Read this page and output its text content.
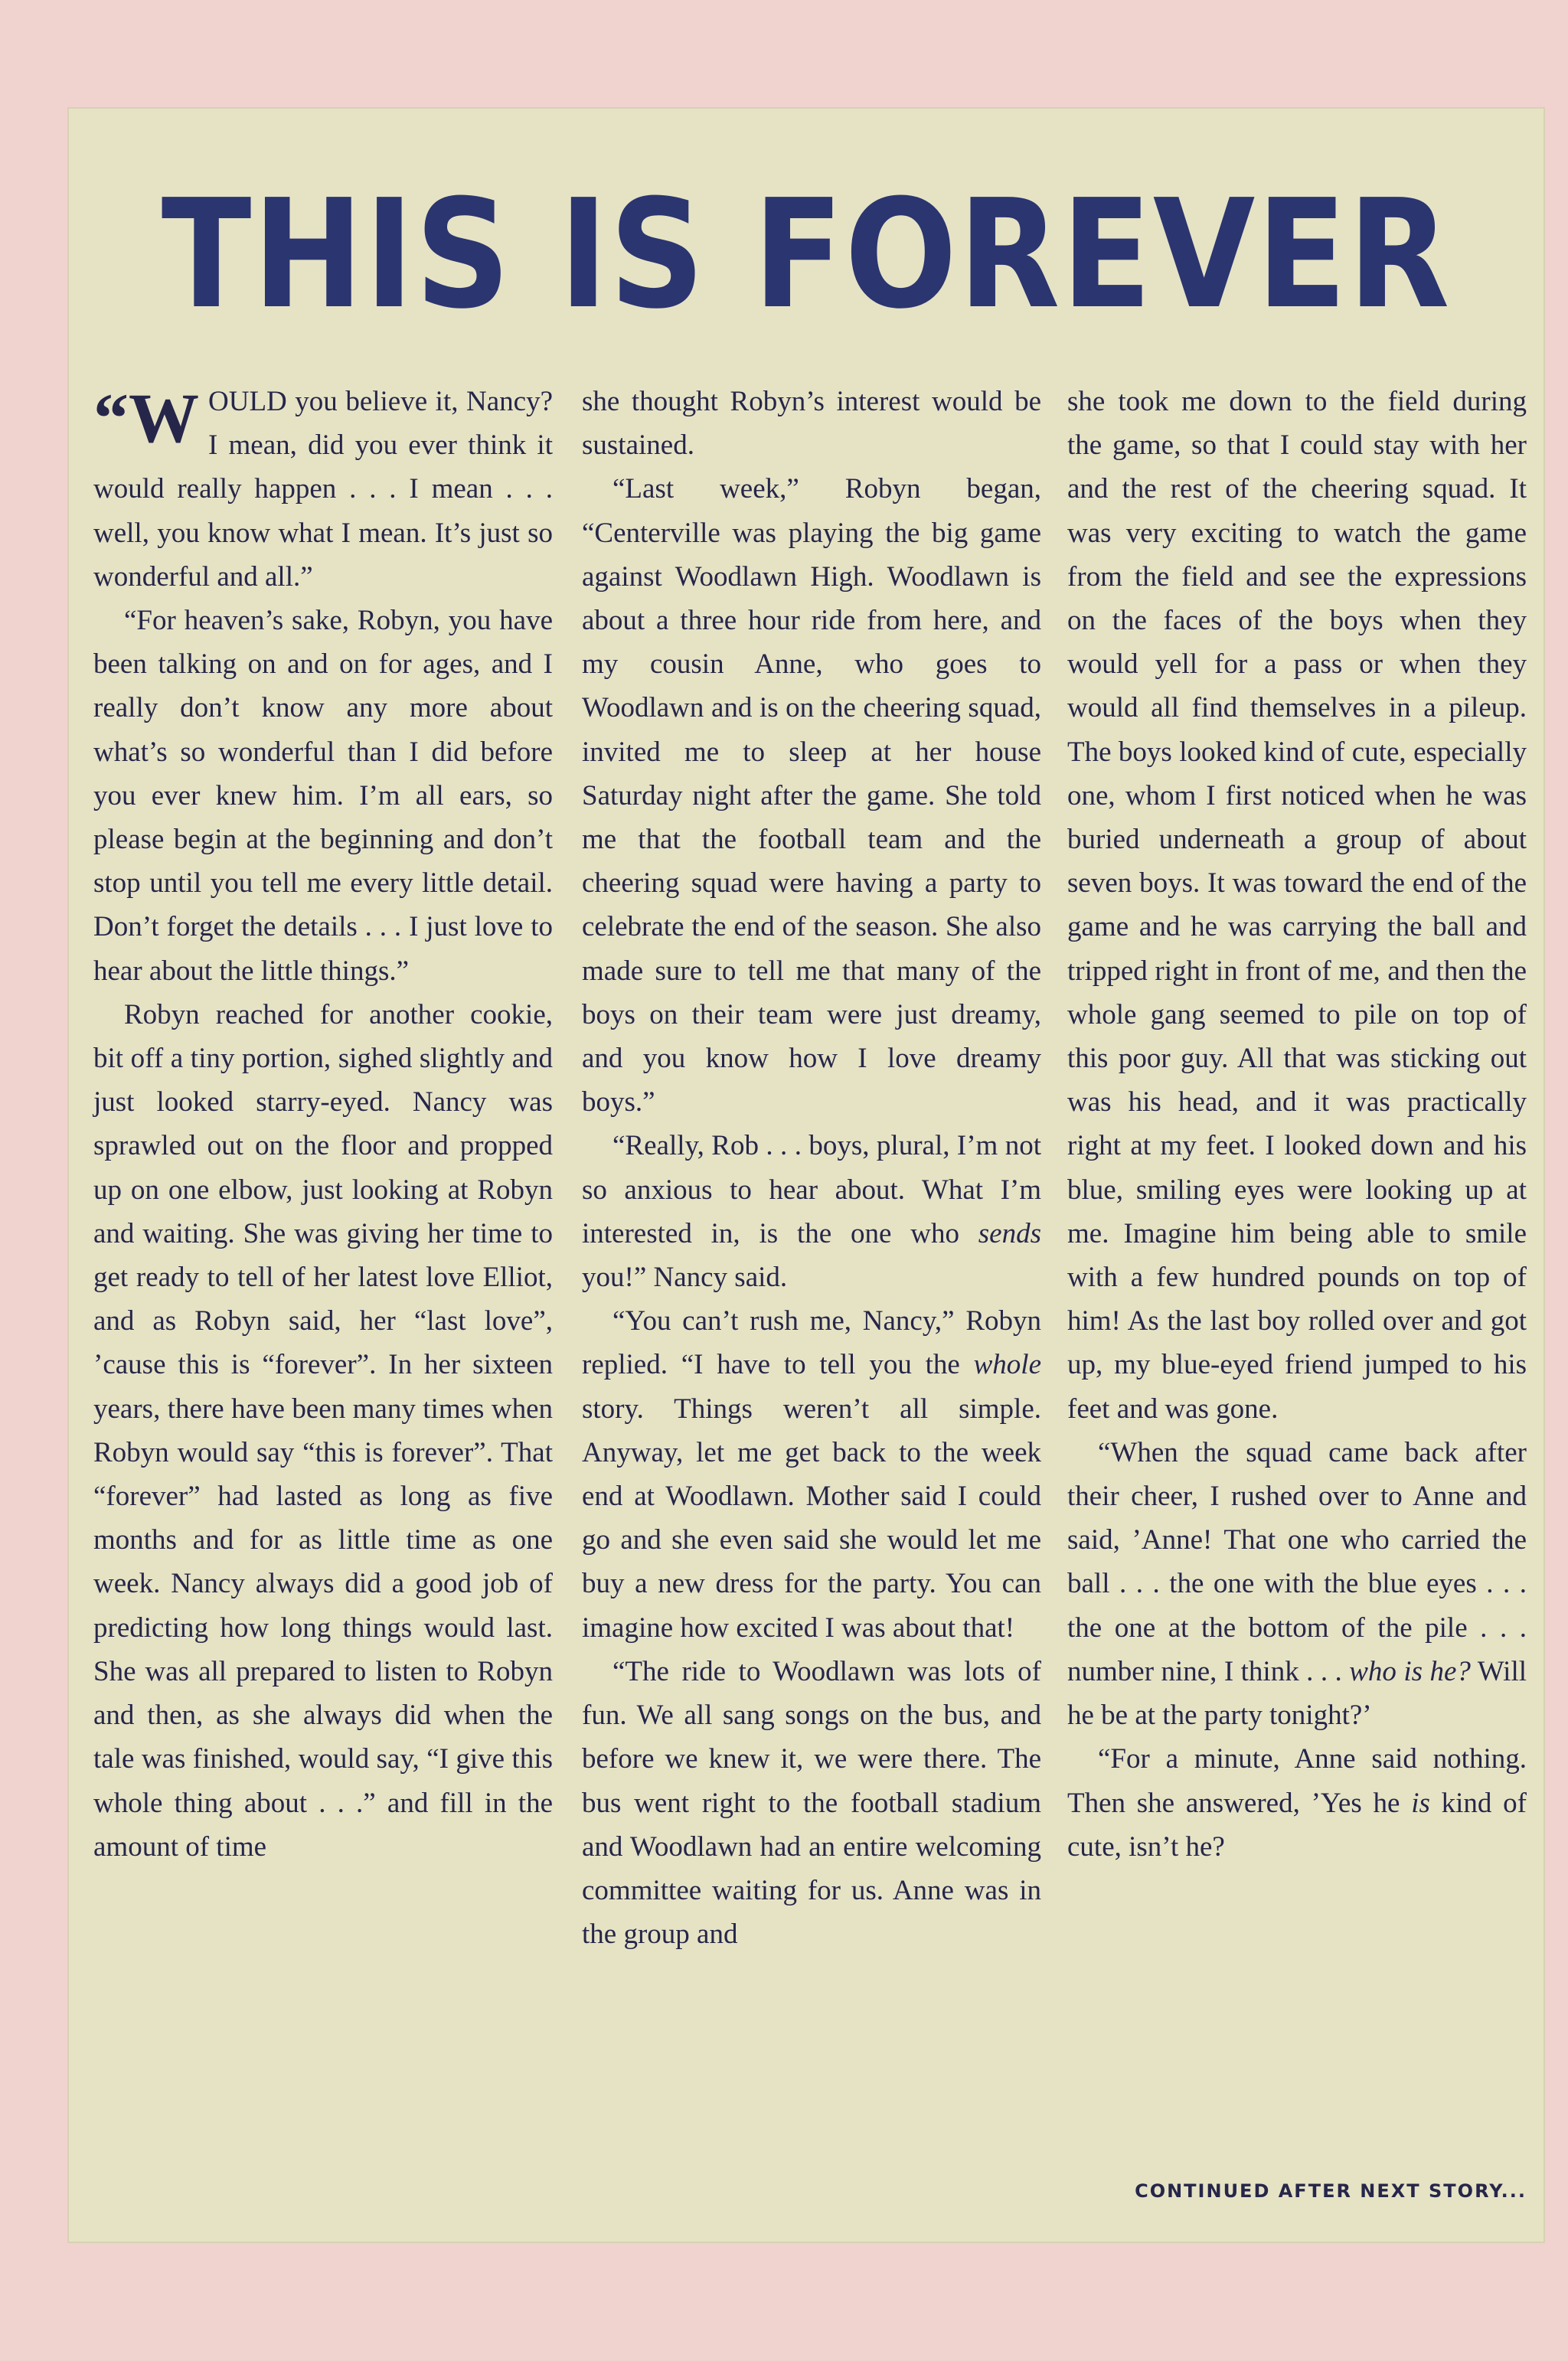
THIS IS FOREVER

“W OULD you believe it, Nancy? I mean, did you ever think it would really happen . . . I mean . . . well, you know what I mean. It’s just so wonderful and all.”

“For heaven’s sake, Robyn, you have been talking on and on for ages, and I really don’t know any more about what’s so wonderful than I did before you ever knew him. I’m all ears, so please begin at the beginning and don’t stop until you tell me every little detail. Don’t forget the details . . . I just love to hear about the little things.”

Robyn reached for another cookie, bit off a tiny portion, sighed slightly and just looked starry-eyed. Nancy was sprawled out on the floor and propped up on one elbow, just looking at Robyn and waiting. She was giving her time to get ready to tell of her latest love Elliot, and as Robyn said, her “last love”, ’cause this is “forever”. In her sixteen years, there have been many times when Robyn would say “this is forever”. That “forever” had lasted as long as five months and for as little time as one week. Nancy always did a good job of predicting how long things would last. She was all prepared to listen to Robyn and then, as she always did when the tale was finished, would say, “I give this whole thing about . . .” and fill in the amount of time

she thought Robyn’s interest would be sustained.

“Last week,” Robyn began, “Centerville was playing the big game against Woodlawn High. Woodlawn is about a three hour ride from here, and my cousin Anne, who goes to Woodlawn and is on the cheering squad, invited me to sleep at her house Saturday night after the game. She told me that the football team and the cheering squad were having a party to celebrate the end of the season. She also made sure to tell me that many of the boys on their team were just dreamy, and you know how I love dreamy boys.”

“Really, Rob . . . boys, plural, I’m not so anxious to hear about. What I’m interested in, is the one who sends you!” Nancy said.

“You can’t rush me, Nancy,” Robyn replied. “I have to tell you the whole story. Things weren’t all simple. Anyway, let me get back to the week end at Woodlawn. Mother said I could go and she even said she would let me buy a new dress for the party. You can imagine how excited I was about that!

“The ride to Woodlawn was lots of fun. We all sang songs on the bus, and before we knew it, we were there. The bus went right to the football stadium and Woodlawn had an entire welcoming committee waiting for us. Anne was in the group and

she took me down to the field during the game, so that I could stay with her and the rest of the cheering squad. It was very exciting to watch the game from the field and see the expressions on the faces of the boys when they would yell for a pass or when they would all find themselves in a pileup. The boys looked kind of cute, especially one, whom I first noticed when he was buried underneath a group of about seven boys. It was toward the end of the game and he was carrying the ball and tripped right in front of me, and then the whole gang seemed to pile on top of this poor guy. All that was sticking out was his head, and it was practically right at my feet. I looked down and his blue, smiling eyes were looking up at me. Imagine him being able to smile with a few hundred pounds on top of him! As the last boy rolled over and got up, my blue-eyed friend jumped to his feet and was gone.

“When the squad came back after their cheer, I rushed over to Anne and said, ’Anne! That one who carried the ball . . . the one with the blue eyes . . . the one at the bottom of the pile . . . number nine, I think . . . who is he? Will he be at the party tonight?’

“For a minute, Anne said nothing. Then she answered, ’Yes he is kind of cute, isn’t he?

CONTINUED AFTER NEXT STORY...
